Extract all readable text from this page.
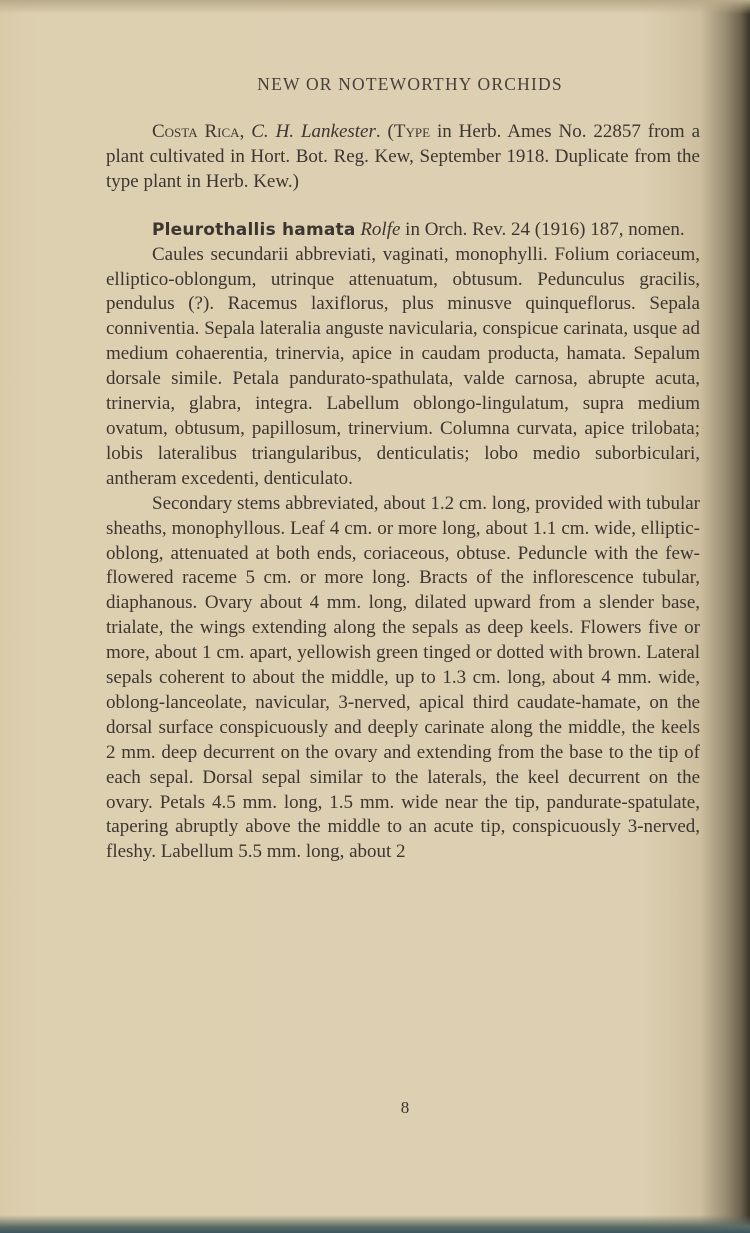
NEW OR NOTEWORTHY ORCHIDS

Costa Rica, C. H. Lankester. (Type in Herb. Ames No. 22857 from a plant cultivated in Hort. Bot. Reg. Kew, September 1918. Duplicate from the type plant in Herb. Kew.)

Pleurothallis hamata Rolfe in Orch. Rev. 24 (1916) 187, nomen.

Caules secundarii abbreviati, vaginati, monophylli. Folium coriaceum, elliptico-oblongum, utrinque attenuatum, obtusum. Pedunculus gracilis, pendulus (?). Racemus laxiflorus, plus minusve quinqueflorus. Sepala conniventia. Sepala lateralia anguste navicularia, conspicue carinata, usque ad medium cohaerentia, trinervia, apice in caudam producta, hamata. Sepalum dorsale simile. Petala pandurato-spathulata, valde carnosa, abrupte acuta, trinervia, glabra, integra. Labellum oblongo-lingulatum, supra medium ovatum, obtusum, papillosum, trinervium. Columna curvata, apice trilobata; lobis lateralibus triangularibus, denticulatis; lobo medio suborbiculari, antheram excedenti, denticulato.

Secondary stems abbreviated, about 1.2 cm. long, provided with tubular sheaths, monophyllous. Leaf 4 cm. or more long, about 1.1 cm. wide, elliptic-oblong, attenuated at both ends, coriaceous, obtuse. Peduncle with the few-flowered raceme 5 cm. or more long. Bracts of the inflorescence tubular, diaphanous. Ovary about 4 mm. long, dilated upward from a slender base, trialate, the wings extending along the sepals as deep keels. Flowers five or more, about 1 cm. apart, yellowish green tinged or dotted with brown. Lateral sepals coherent to about the middle, up to 1.3 cm. long, about 4 mm. wide, oblong-lanceolate, navicular, 3-nerved, apical third caudate-hamate, on the dorsal surface conspicuously and deeply carinate along the middle, the keels 2 mm. deep decurrent on the ovary and extending from the base to the tip of each sepal. Dorsal sepal similar to the laterals, the keel decurrent on the ovary. Petals 4.5 mm. long, 1.5 mm. wide near the tip, pandurate-spatulate, tapering abruptly above the middle to an acute tip, conspicuously 3-nerved, fleshy. Labellum 5.5 mm. long, about 2

8
